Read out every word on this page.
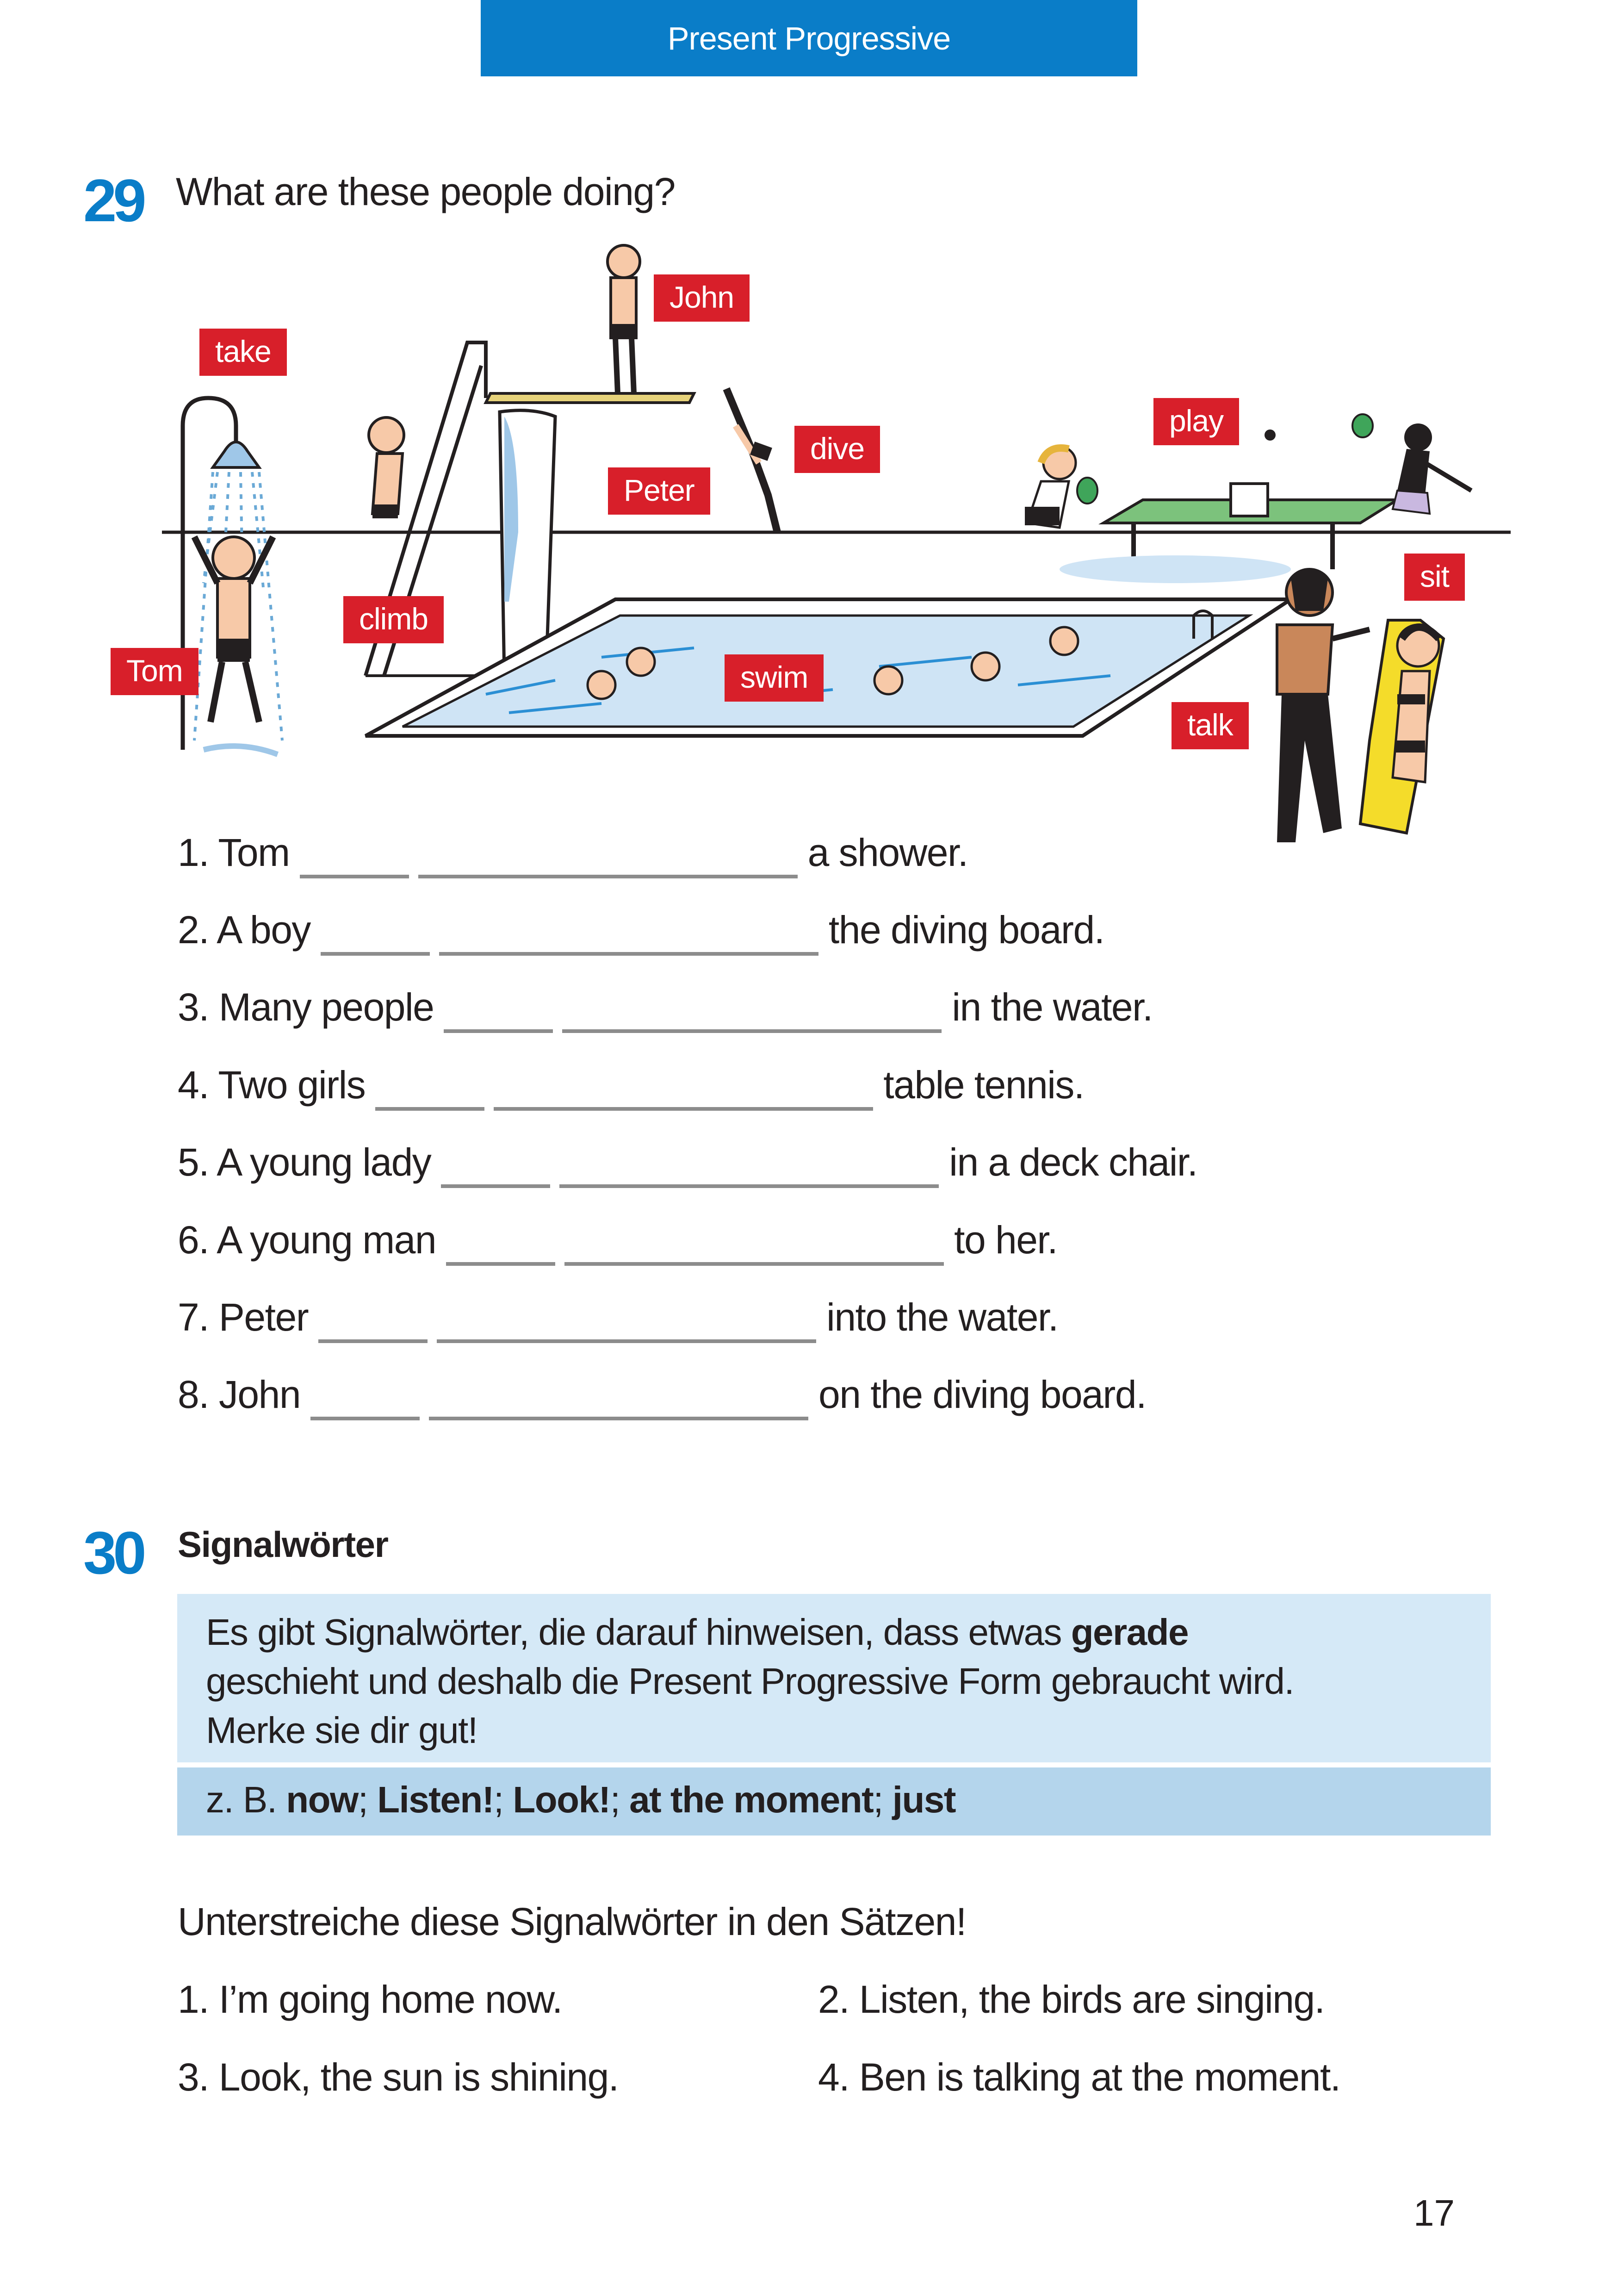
Present Progressive
29 What are these people doing?
John
take
dive
play
Peter
sit
climb
Tom	swim
talk
1. Tom	a shower.
2. A boy	the diving board.
3. Many people	in the water.
4. Two girls	table tennis.
5. A young lady	in a deck chair.
6. A young man	to her.
7. Peter	into the water.
8. John	on the diving board.
30 Signalwörter
Es gibt Signalwörter, die darauf hinweisen, dass etwas gerade
geschieht und deshalb die Present Progressive Form gebraucht wird.
Merke sie dir gut!
z. B. now; Listen!; Look!; at the moment; just
Unterstreiche diese Signalwörter in den Sätzen!
1. I’m going home now.	2. Listen, the birds are singing.
3. Look, the sun is shining.	4. Ben is talking at the moment.
17
